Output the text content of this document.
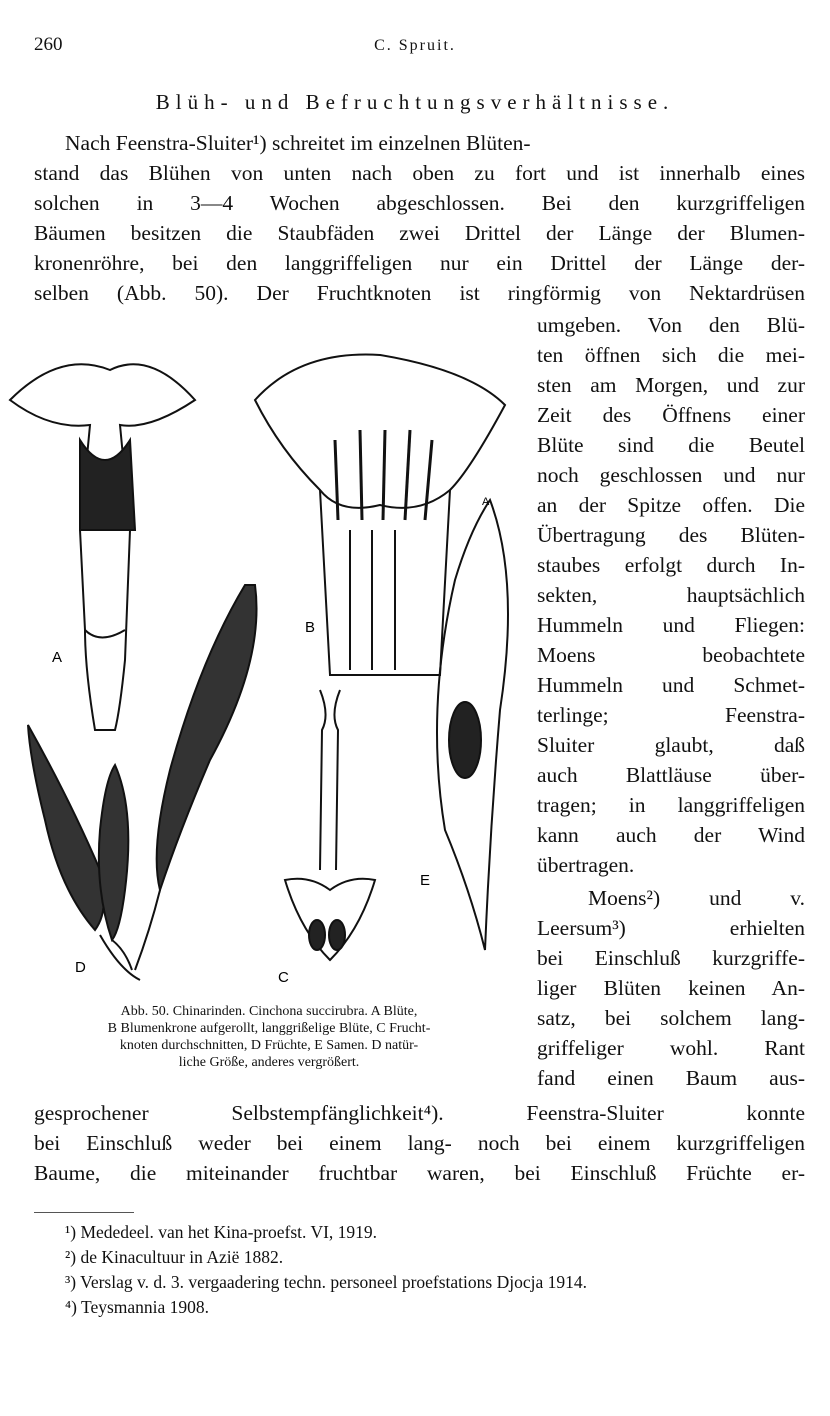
260	C. Spruit.
Blüh- und Befruchtungsverhältnisse.
Nach Feenstra-Sluiter¹) schreitet im einzelnen Blüten-
stand das Blühen von unten nach oben zu fort und ist innerhalb eines
solchen in 3—4 Wochen abgeschlossen. Bei den kurzgriffeligen
Bäumen besitzen die Staubfäden zwei Drittel der Länge der Blumen-
kronenröhre, bei den langgriffeligen nur ein Drittel der Länge der-
selben (Abb. 50). Der Fruchtknoten ist ringförmig von Nektardrüsen
A
B
C
D
E
A
Abb. 50. Chinarinden. Cinchona succirubra. A Blüte,
B Blumenkrone aufgerollt, langgrißelige Blüte, C Frucht-
knoten durchschnitten, D Früchte, E Samen. D natür-
liche Größe, anderes vergrößert.
umgeben. Von den Blü-
ten öffnen sich die mei-
sten am Morgen, und zur
Zeit des Öffnens einer
Blüte sind die Beutel
noch geschlossen und nur
an der Spitze offen. Die
Übertragung des Blüten-
staubes erfolgt durch In-
sekten, hauptsächlich
Hummeln und Fliegen:
Moens beobachtete
Hummeln und Schmet-
terlinge; Feenstra-
Sluiter glaubt, daß
auch Blattläuse über-
tragen; in langgriffeligen
kann auch der Wind
übertragen.
Moens²) und v.
Leersum³) erhielten
bei Einschluß kurzgriffe-
liger Blüten keinen An-
satz, bei solchem lang-
griffeliger wohl. Rant
fand einen Baum aus-
gesprochener Selbstempfänglichkeit⁴). Feenstra-Sluiter konnte
bei Einschluß weder bei einem lang- noch bei einem kurzgriffeligen
Baume, die miteinander fruchtbar waren, bei Einschluß Früchte er-
¹) Mededeel. van het Kina-proefst. VI, 1919.
²) de Kinacultuur in Azië 1882.
³) Verslag v. d. 3. vergaadering techn. personeel proefstations Djocja 1914.
⁴) Teysmannia 1908.
